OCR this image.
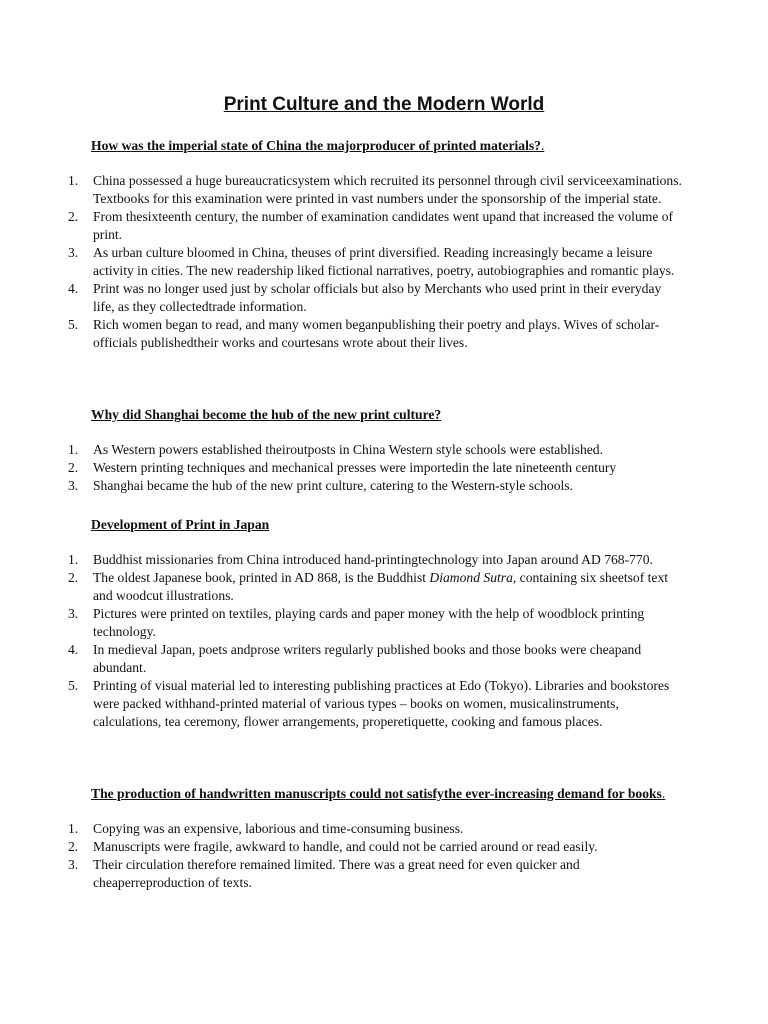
Print Culture and the Modern World

How was the imperial state of China the majorproducer of printed materials?.

1. China possessed a huge bureaucraticsystem which recruited its personnel through civil serviceexaminations. Textbooks for this examination were printed in vast numbers under the sponsorship of the imperial state.
2. From thesixteenth century, the number of examination candidates went upand that increased the volume of print.
3. As urban culture bloomed in China, theuses of print diversified. Reading increasingly became a leisure activity in cities. The new readership liked fictional narratives, poetry, autobiographies and romantic plays.
4. Print was no longer used just by scholar officials but also by Merchants who used print in their everyday life, as they collectedtrade information.
5. Rich women began to read, and many women beganpublishing their poetry and plays. Wives of scholar-officials publishedtheir works and courtesans wrote about their lives.

Why did Shanghai become the hub of the new print culture?

1. As Western powers established theiroutposts in China Western style schools were established.
2. Western printing techniques and mechanical presses were importedin the late nineteenth century
3. Shanghai became the hub of the new print culture, catering to the Western-style schools.

Development of Print in Japan

1. Buddhist missionaries from China introduced hand-printingtechnology into Japan around AD 768-770.
2. The oldest Japanese book, printed in AD 868, is the Buddhist Diamond Sutra, containing six sheetsof text and woodcut illustrations.
3. Pictures were printed on textiles, playing cards and paper money with the help of woodblock printing technology.
4. In medieval Japan, poets andprose writers regularly published books and those books were cheapand abundant.
5. Printing of visual material led to interesting publishing practices at Edo (Tokyo). Libraries and bookstores were packed withhand-printed material of various types – books on women, musicalinstruments, calculations, tea ceremony, flower arrangements, properetiquette, cooking and famous places.

The production of handwritten manuscripts could not satisfythe ever-increasing demand for books.

1. Copying was an expensive, laborious and time-consuming business.
2. Manuscripts were fragile, awkward to handle, and could not be carried around or read easily.
3. Their circulation therefore remained limited. There was a great need for even quicker and cheaperreproduction of texts.
